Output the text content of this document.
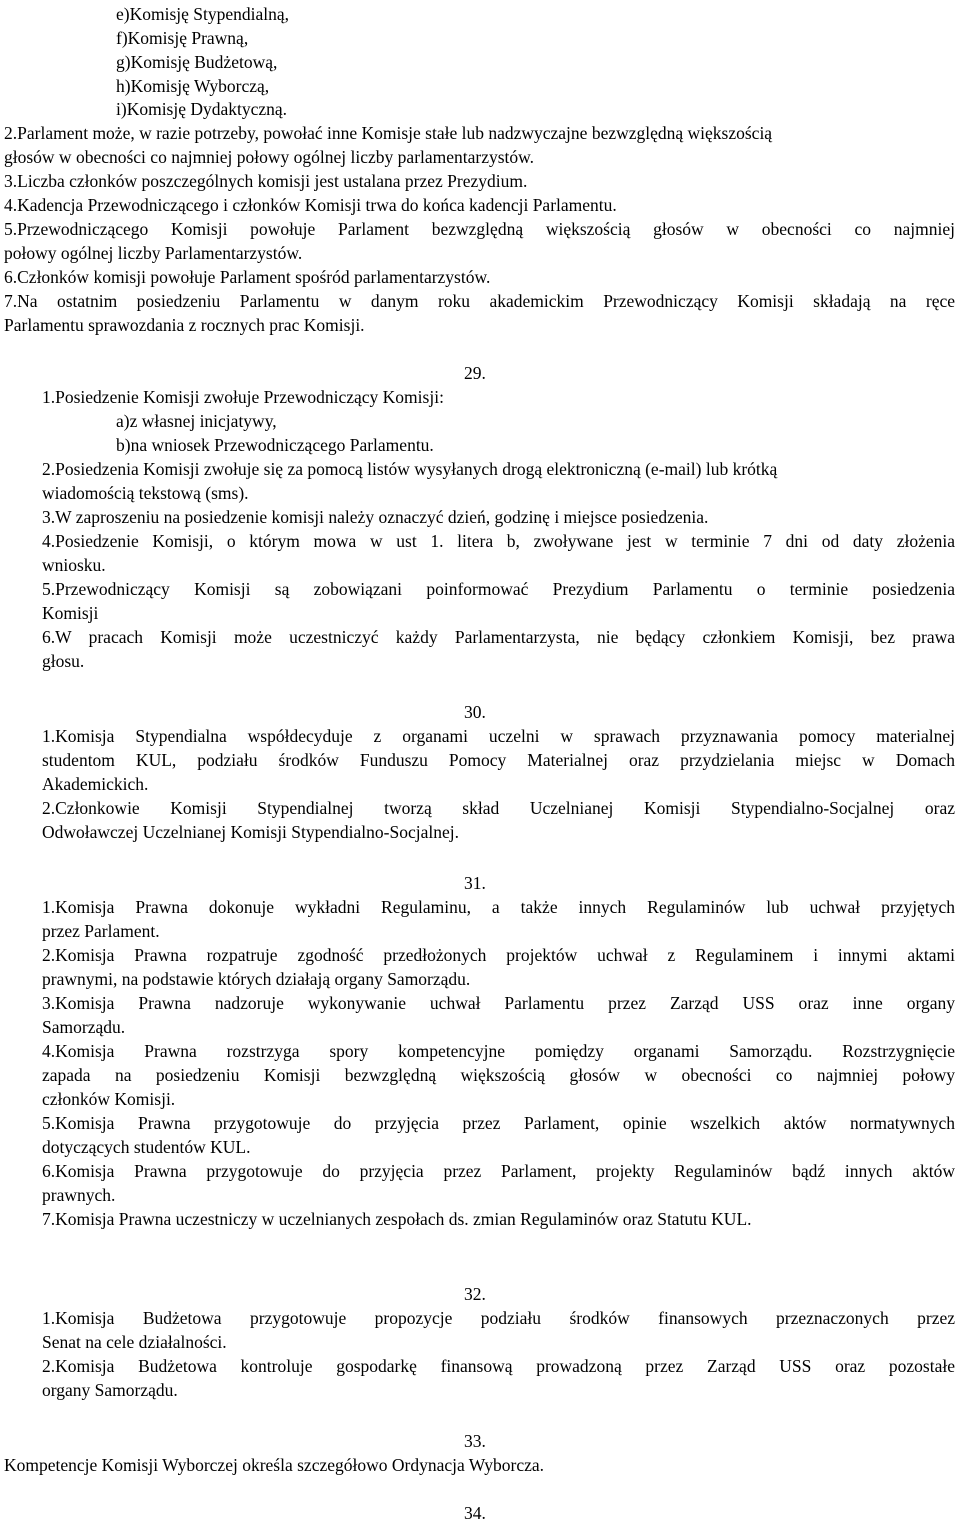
e)Komisję Stypendialną,
f)Komisję Prawną,
g)Komisję Budżetową,
h)Komisję Wyborczą,
i)Komisję Dydaktyczną.
2.Parlament może, w razie potrzeby, powołać inne Komisje stałe lub nadzwyczajne bezwzględną większością
głosów w obecności co najmniej połowy ogólnej liczby parlamentarzystów.
3.Liczba członków poszczególnych komisji jest ustalana przez Prezydium.
4.Kadencja Przewodniczącego i członków Komisji trwa do końca kadencji Parlamentu.
5.Przewodniczącego Komisji powołuje Parlament bezwzględną większością głosów w obecności co najmniej
połowy ogólnej liczby Parlamentarzystów.
6.Członków komisji powołuje Parlament spośród parlamentarzystów.
7.Na ostatnim posiedzeniu Parlamentu w danym roku akademickim Przewodniczący Komisji składają na ręce
Parlamentu sprawozdania z rocznych prac Komisji.
29.
1.Posiedzenie Komisji zwołuje Przewodniczący Komisji:
a)z własnej inicjatywy,
b)na wniosek Przewodniczącego Parlamentu.
2.Posiedzenia Komisji zwołuje się za pomocą listów wysyłanych drogą elektroniczną (e-mail) lub krótką
wiadomością tekstową (sms).
3.W zaproszeniu na posiedzenie komisji należy oznaczyć dzień, godzinę i miejsce posiedzenia.
4.Posiedzenie Komisji, o którym mowa w ust 1. litera b, zwoływane jest w terminie 7 dni od daty złożenia
wniosku.
5.Przewodniczący Komisji są zobowiązani poinformować Prezydium Parlamentu o terminie posiedzenia
Komisji
6.W pracach Komisji może uczestniczyć każdy Parlamentarzysta, nie będący członkiem Komisji, bez prawa
głosu.
30.
1.Komisja Stypendialna współdecyduje z organami uczelni w sprawach przyznawania pomocy materialnej
studentom KUL, podziału środków Funduszu Pomocy Materialnej oraz przydzielania miejsc w Domach
Akademickich.
2.Członkowie Komisji Stypendialnej tworzą skład Uczelnianej Komisji Stypendialno-Socjalnej oraz
Odwoławczej Uczelnianej Komisji Stypendialno-Socjalnej.
31.
1.Komisja Prawna dokonuje wykładni Regulaminu, a także innych Regulaminów lub uchwał przyjętych
przez Parlament.
2.Komisja Prawna rozpatruje zgodność przedłożonych projektów uchwał z Regulaminem i innymi aktami
prawnymi, na podstawie których działają organy Samorządu.
3.Komisja Prawna nadzoruje wykonywanie uchwał Parlamentu przez Zarząd USS oraz inne organy
Samorządu.
4.Komisja Prawna rozstrzyga spory kompetencyjne pomiędzy organami Samorządu. Rozstrzygnięcie
zapada na posiedzeniu Komisji bezwzględną większością głosów w obecności co najmniej połowy
członków Komisji.
5.Komisja Prawna przygotowuje do przyjęcia przez Parlament, opinie wszelkich aktów normatywnych
dotyczących studentów KUL.
6.Komisja Prawna przygotowuje do przyjęcia przez Parlament, projekty Regulaminów bądź innych aktów
prawnych.
7.Komisja Prawna uczestniczy w uczelnianych zespołach ds. zmian Regulaminów oraz Statutu KUL.
32.
1.Komisja Budżetowa przygotowuje propozycje podziału środków finansowych przeznaczonych przez
Senat na cele działalności.
2.Komisja Budżetowa kontroluje gospodarkę finansową prowadzoną przez Zarząd USS oraz pozostałe
organy Samorządu.
33.
Kompetencje Komisji Wyborczej określa szczegółowo Ordynacja Wyborcza.
34.
